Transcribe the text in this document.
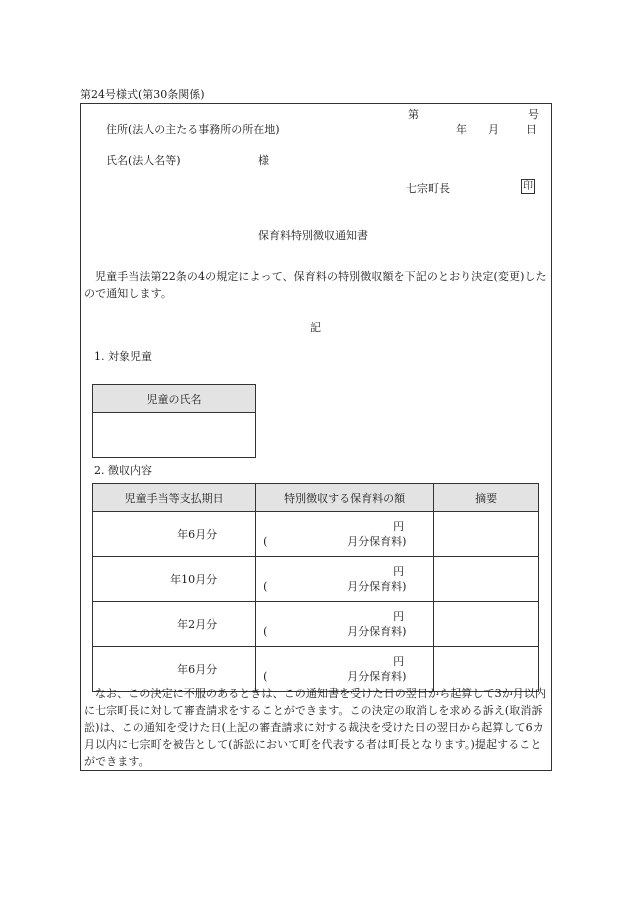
第24号様式(第30条関係)
第	号
年 月 日
住所(法人の主たる事務所の所在地)
氏名(法人名等)	様
七宗町長	印
保育料特別徴収通知書
児童手当法第22条の4の規定によって、保育料の特別徴収額を下記のとおり決定(変更)したので通知します。
記
1. 対象児童
児童の氏名

2. 徴収内容
児童手当等支払期日	特別徴収する保育料の額	摘要
年6月分	円
( 月分保育料)	

年10月分	円
( 月分保育料)	

年2月分	円
( 月分保育料)	

年6月分	円
( 月分保育料)	

なお、この決定に不服のあるときは、この通知書を受けた日の翌日から起算して3か月以内に七宗町長に対して審査請求をすることができます。この決定の取消しを求める訴え(取消訴訟)は、この通知を受けた日(上記の審査請求に対する裁決を受けた日の翌日から起算して6カ月以内に七宗町を被告として(訴訟において町を代表する者は町長となります。)提起することができます。
